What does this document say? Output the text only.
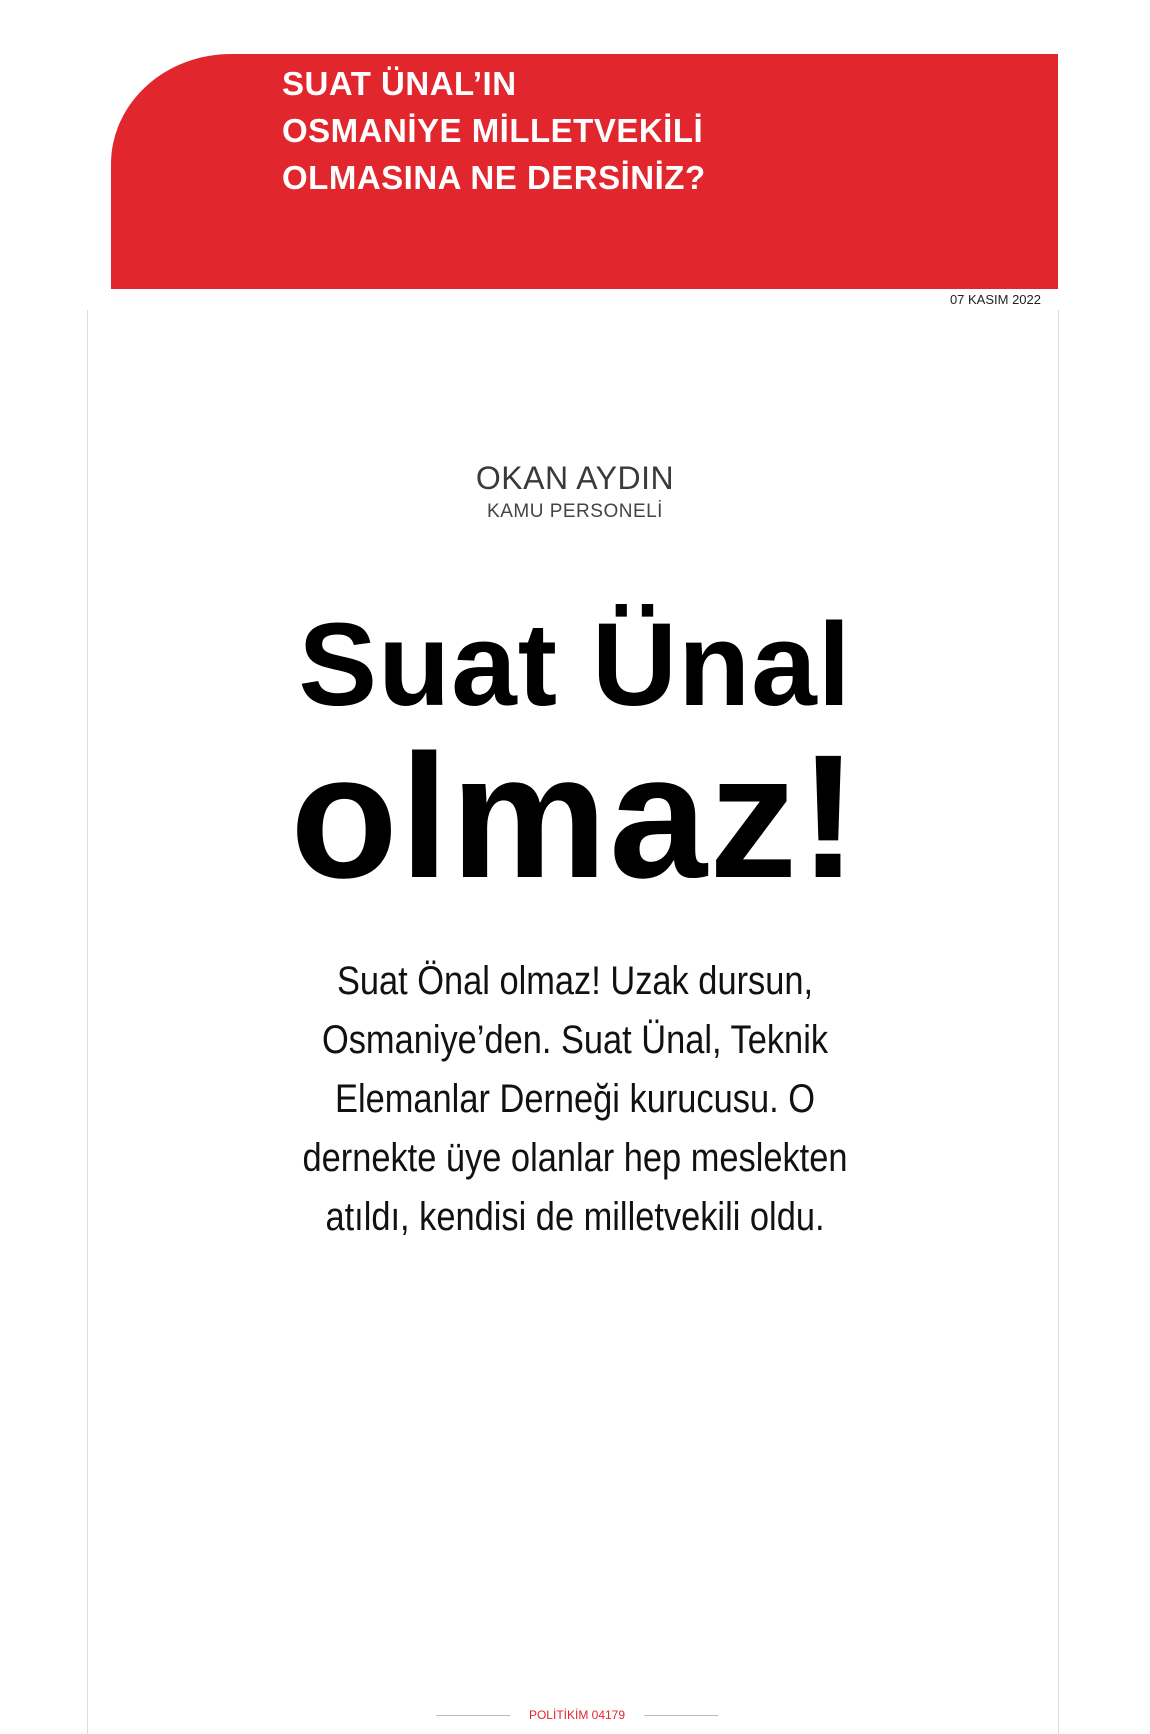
SUAT ÜNAL’IN
OSMANİYE MİLLETVEKİLİ
OLMASINA NE DERSİNİZ?
07 KASIM 2022
OKAN AYDIN
KAMU PERSONELİ
Suat Ünal
olmaz!

Suat Önal olmaz! Uzak dursun, Osmaniye’den. Suat Ünal, Teknik Elemanlar Derneği kurucusu. O dernekte üye olanlar hep meslekten atıldı, kendisi de milletvekili oldu.

POLİTİKİM 04179
